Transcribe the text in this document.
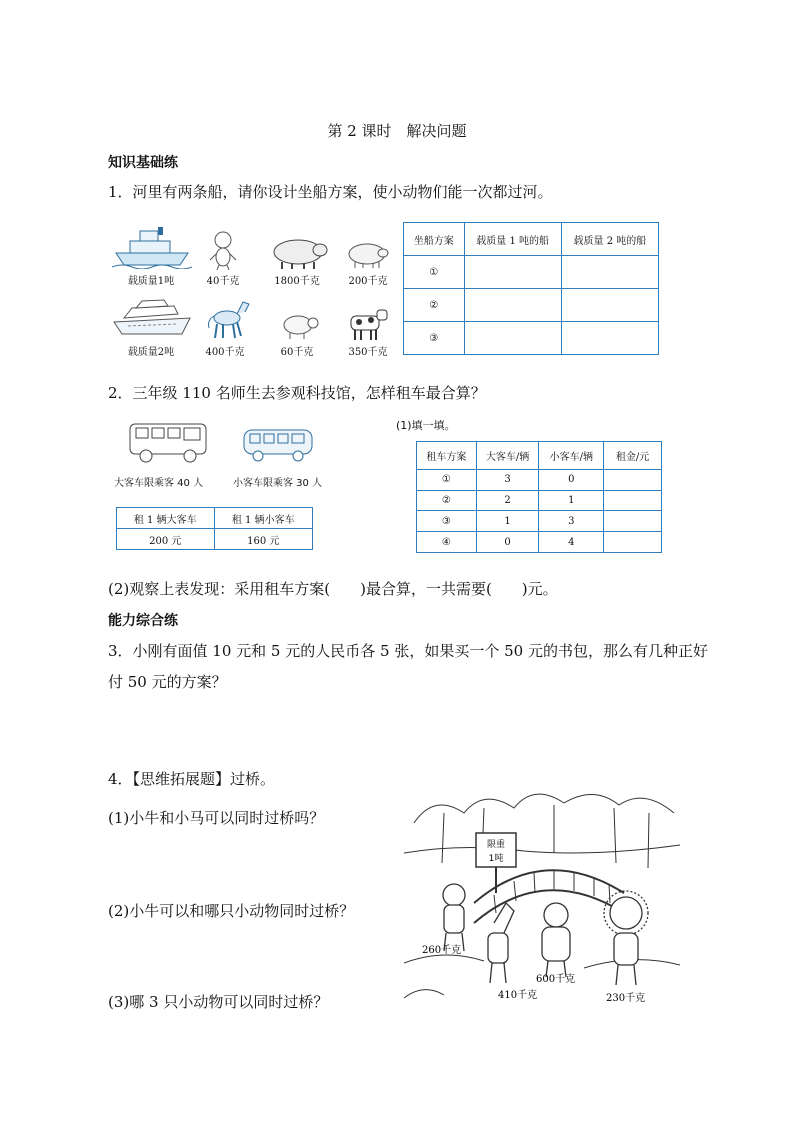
第 2 课时　解决问题
知识基础练
1．河里有两条船，请你设计坐船方案，使小动物们能一次都过河。
载质量1吨	40千克	1800千克	200千克
载质量2吨	400千克	60千克	350千克
坐船方案	载质量 1 吨的船	载质量 2 吨的船
①		
②		
③		
2．三年级 110 名师生去参观科技馆，怎样租车最合算？
大客车限乘客 40 人	小客车限乘客 30 人
租 1 辆大客车	租 1 辆小客车
200 元	160 元
(1)填一填。
租车方案	大客车/辆	小客车/辆	租金/元
①	3	0	
②	2	1	
③	1	3	
④	0	4	
(2)观察上表发现：采用租车方案(　　)最合算，一共需要(　　)元。
能力综合练
3．小刚有面值 10 元和 5 元的人民币各 5 张，如果买一个 50 元的书包，那么有几种正好
付 50 元的方案？
4．【思维拓展题】过桥。
(1)小牛和小马可以同时过桥吗？
(2)小牛可以和哪只小动物同时过桥？
(3)哪 3 只小动物可以同时过桥？
限重
1吨
260千克
410千克
600千克
230千克
